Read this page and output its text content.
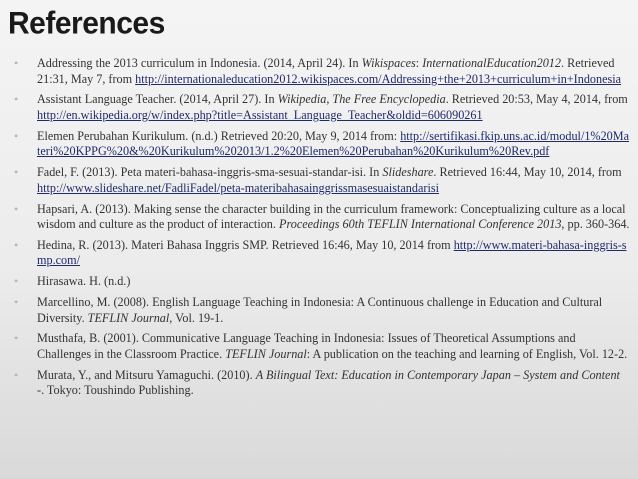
References
• Addressing the 2013 curriculum in Indonesia. (2014, April 24). In Wikispaces: InternationalEducation2012. Retrieved 21:31, May 7, from http://internationaleducation2012.wikispaces.com/Addressing+the+2013+curriculum+in+Indonesia
• Assistant Language Teacher. (2014, April 27). In Wikipedia, The Free Encyclopedia. Retrieved 20:53, May 4, 2014, from http://en.wikipedia.org/w/index.php?title=Assistant_Language_Teacher&oldid=606090261
• Elemen Perubahan Kurikulum. (n.d.) Retrieved 20:20, May 9, 2014 from: http://sertifikasi.fkip.uns.ac.id/modul/1%20Materi%20KPPG%20&%20Kurikulum%202013/1.2%20Elemen%20Perubahan%20Kurikulum%20Rev.pdf
• Fadel, F. (2013). Peta materi-bahasa-inggris-sma-sesuai-standar-isi. In Slideshare. Retrieved 16:44, May 10, 2014, from http://www.slideshare.net/FadliFadel/peta-materibahasainggrissmasesuaistandarisi
• Hapsari, A. (2013). Making sense the character building in the curriculum framework: Conceptualizing culture as a local wisdom and culture as the product of interaction. Proceedings 60th TEFLIN International Conference 2013, pp. 360-364.
• Hedina, R. (2013). Materi Bahasa Inggris SMP. Retrieved 16:46, May 10, 2014 from http://www.materi-bahasa-inggris-smp.com/
• Hirasawa. H. (n.d.)
• Marcellino, M. (2008). English Language Teaching in Indonesia: A Continuous challenge in Education and Cultural Diversity. TEFLIN Journal, Vol. 19-1.
• Musthafa, B. (2001). Communicative Language Teaching in Indonesia: Issues of Theoretical Assumptions and Challenges in the Classroom Practice. TEFLIN Journal: A publication on the teaching and learning of English, Vol. 12-2.
• Murata, Y., and Mitsuru Yamaguchi. (2010). A Bilingual Text: Education in Contemporary Japan – System and Content -. Tokyo: Toushindo Publishing.
